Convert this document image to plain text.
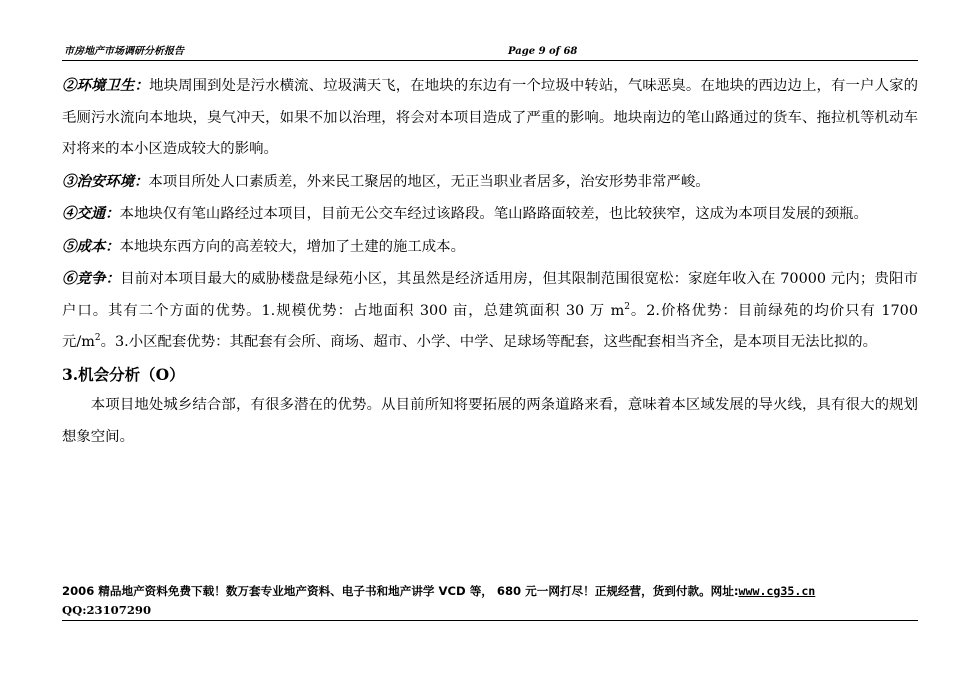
市房地产市场调研分析报告	Page 9 of 68

②环境卫生：地块周围到处是污水横流、垃圾满天飞，在地块的东边有一个垃圾中转站，气味恶臭。在地块的西边边上，有一户人家的毛厕污水流向本地块，臭气冲天，如果不加以治理，将会对本项目造成了严重的影响。地块南边的笔山路通过的货车、拖拉机等机动车对将来的本小区造成较大的影响。

③治安环境：本项目所处人口素质差，外来民工聚居的地区，无正当职业者居多，治安形势非常严峻。

④交通：本地块仅有笔山路经过本项目，目前无公交车经过该路段。笔山路路面较差，也比较狭窄，这成为本项目发展的颈瓶。

⑤成本：本地块东西方向的高差较大，增加了土建的施工成本。

⑥竞争：目前对本项目最大的威胁楼盘是绿苑小区，其虽然是经济适用房，但其限制范围很宽松：家庭年收入在 70000 元内；贵阳市户口。其有二个方面的优势。1.规模优势：占地面积 300 亩，总建筑面积 30 万 $m^2$。2.价格优势：目前绿苑的均价只有 1700 元$/m^2$。3.小区配套优势：其配套有会所、商场、超市、小学、中学、足球场等配套，这些配套相当齐全，是本项目无法比拟的。

3.机会分析（O）

本项目地处城乡结合部，有很多潜在的优势。从目前所知将要拓展的两条道路来看，意味着本区域发展的导火线，具有很大的规划想象空间。

2006 精品地产资料免费下载！数万套专业地产资料、电子书和地产讲学 VCD 等， 680 元一网打尽！正规经营，货到付款。网址:www.cg35.cn
QQ:23107290
